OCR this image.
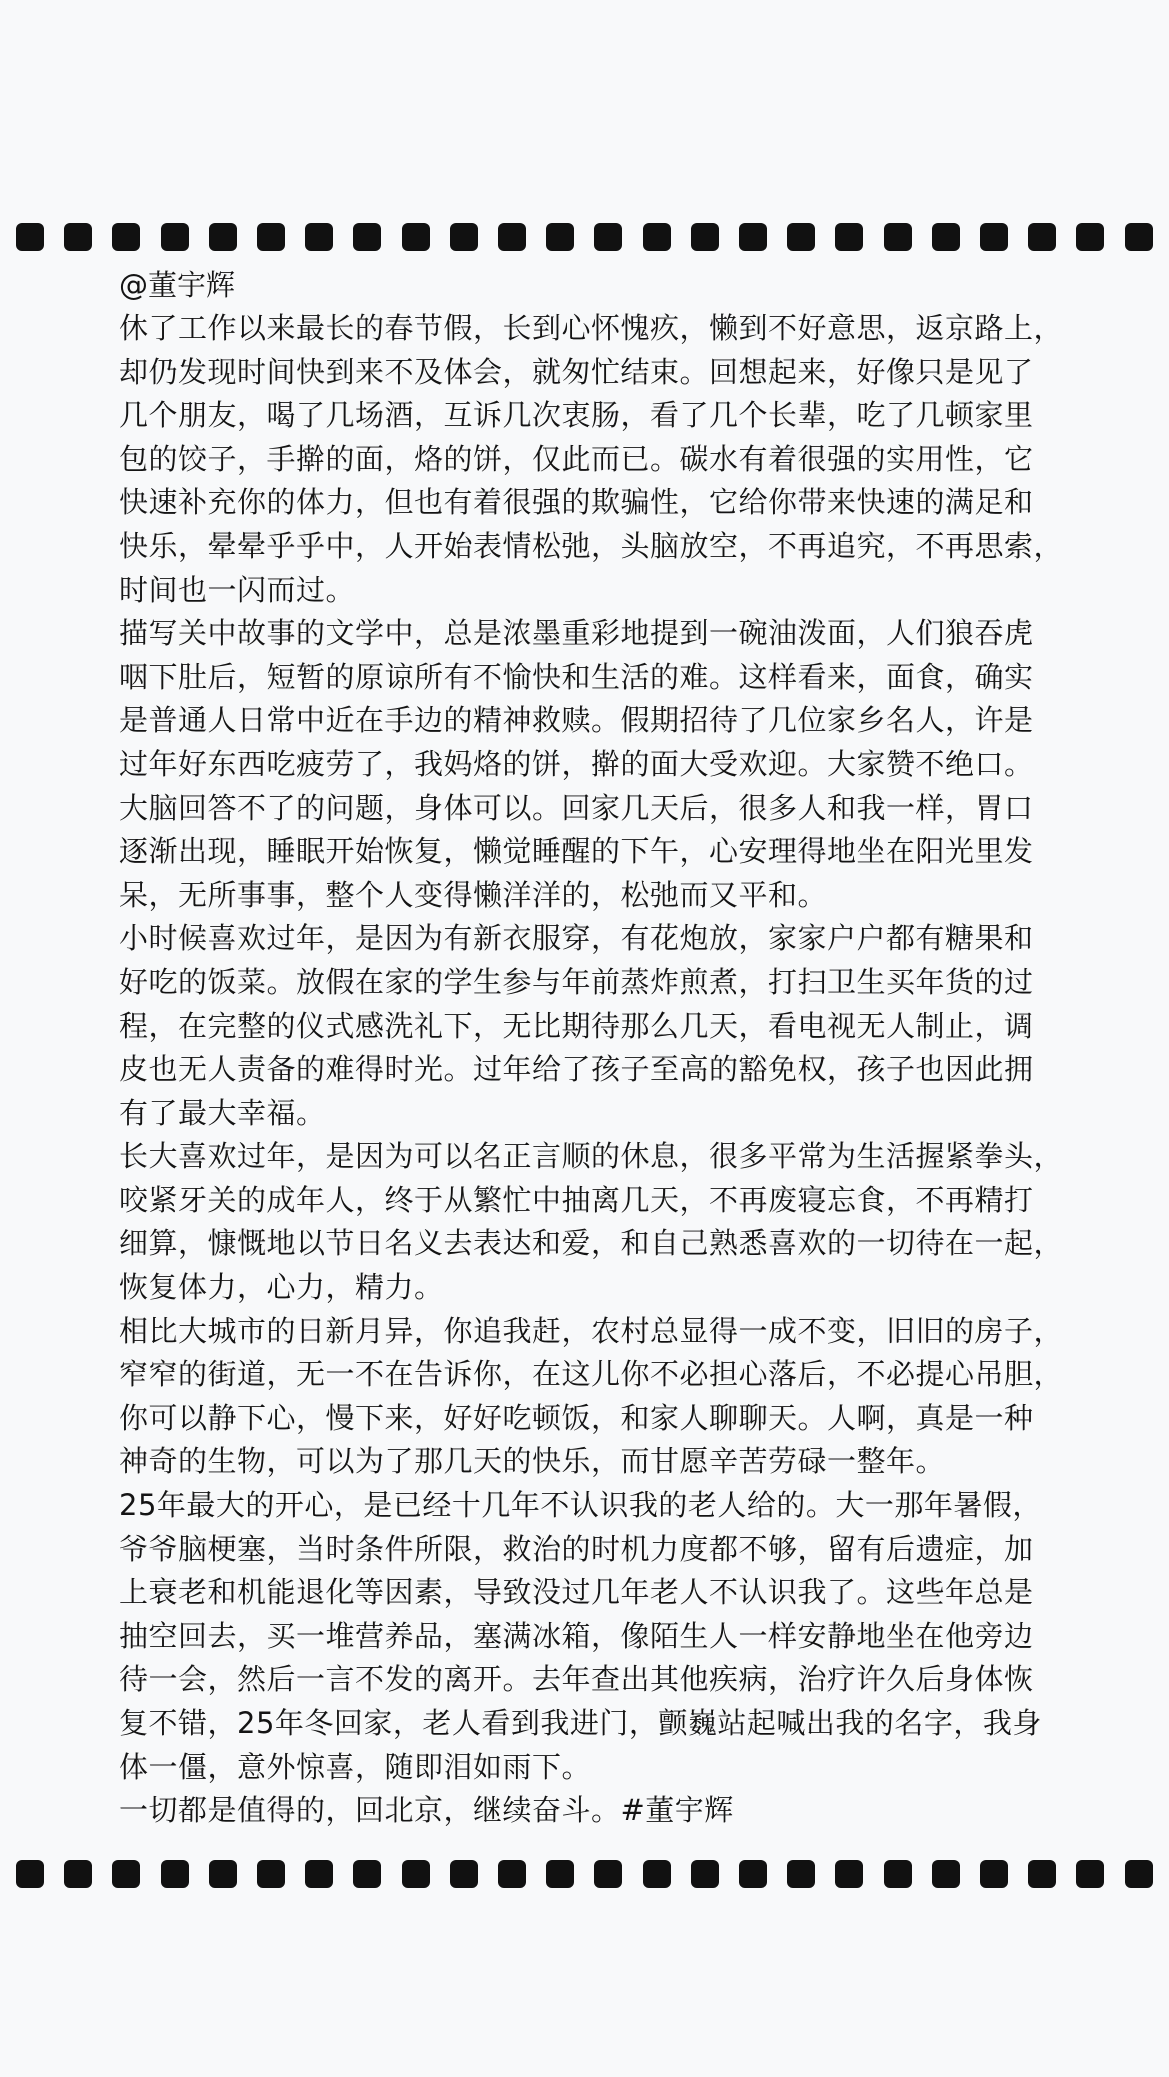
@董宇辉
休了工作以来最长的春节假，长到心怀愧疚，懒到不好意思，返京路上，
却仍发现时间快到来不及体会，就匆忙结束。回想起来，好像只是见了
几个朋友，喝了几场酒，互诉几次衷肠，看了几个长辈，吃了几顿家里
包的饺子，手擀的面，烙的饼，仅此而已。碳水有着很强的实用性，它
快速补充你的体力，但也有着很强的欺骗性，它给你带来快速的满足和
快乐，晕晕乎乎中，人开始表情松弛，头脑放空，不再追究，不再思索，
时间也一闪而过。
描写关中故事的文学中，总是浓墨重彩地提到一碗油泼面，人们狼吞虎
咽下肚后，短暂的原谅所有不愉快和生活的难。这样看来，面食，确实
是普通人日常中近在手边的精神救赎。假期招待了几位家乡名人，许是
过年好东西吃疲劳了，我妈烙的饼，擀的面大受欢迎。大家赞不绝口。
大脑回答不了的问题，身体可以。回家几天后，很多人和我一样，胃口
逐渐出现，睡眠开始恢复，懒觉睡醒的下午，心安理得地坐在阳光里发
呆，无所事事，整个人变得懒洋洋的，松弛而又平和。
小时候喜欢过年，是因为有新衣服穿，有花炮放，家家户户都有糖果和
好吃的饭菜。放假在家的学生参与年前蒸炸煎煮，打扫卫生买年货的过
程，在完整的仪式感洗礼下，无比期待那么几天，看电视无人制止，调
皮也无人责备的难得时光。过年给了孩子至高的豁免权，孩子也因此拥
有了最大幸福。
长大喜欢过年，是因为可以名正言顺的休息，很多平常为生活握紧拳头，
咬紧牙关的成年人，终于从繁忙中抽离几天，不再废寝忘食，不再精打
细算，慷慨地以节日名义去表达和爱，和自己熟悉喜欢的一切待在一起，
恢复体力，心力，精力。
相比大城市的日新月异，你追我赶，农村总显得一成不变，旧旧的房子，
窄窄的街道，无一不在告诉你，在这儿你不必担心落后，不必提心吊胆，
你可以静下心，慢下来，好好吃顿饭，和家人聊聊天。人啊，真是一种
神奇的生物，可以为了那几天的快乐，而甘愿辛苦劳碌一整年。
25年最大的开心，是已经十几年不认识我的老人给的。大一那年暑假，
爷爷脑梗塞，当时条件所限，救治的时机力度都不够，留有后遗症，加
上衰老和机能退化等因素，导致没过几年老人不认识我了。这些年总是
抽空回去，买一堆营养品，塞满冰箱，像陌生人一样安静地坐在他旁边
待一会，然后一言不发的离开。去年查出其他疾病，治疗许久后身体恢
复不错，25年冬回家，老人看到我进门，颤巍站起喊出我的名字，我身
体一僵，意外惊喜，随即泪如雨下。
一切都是值得的，回北京，继续奋斗。#董宇辉
